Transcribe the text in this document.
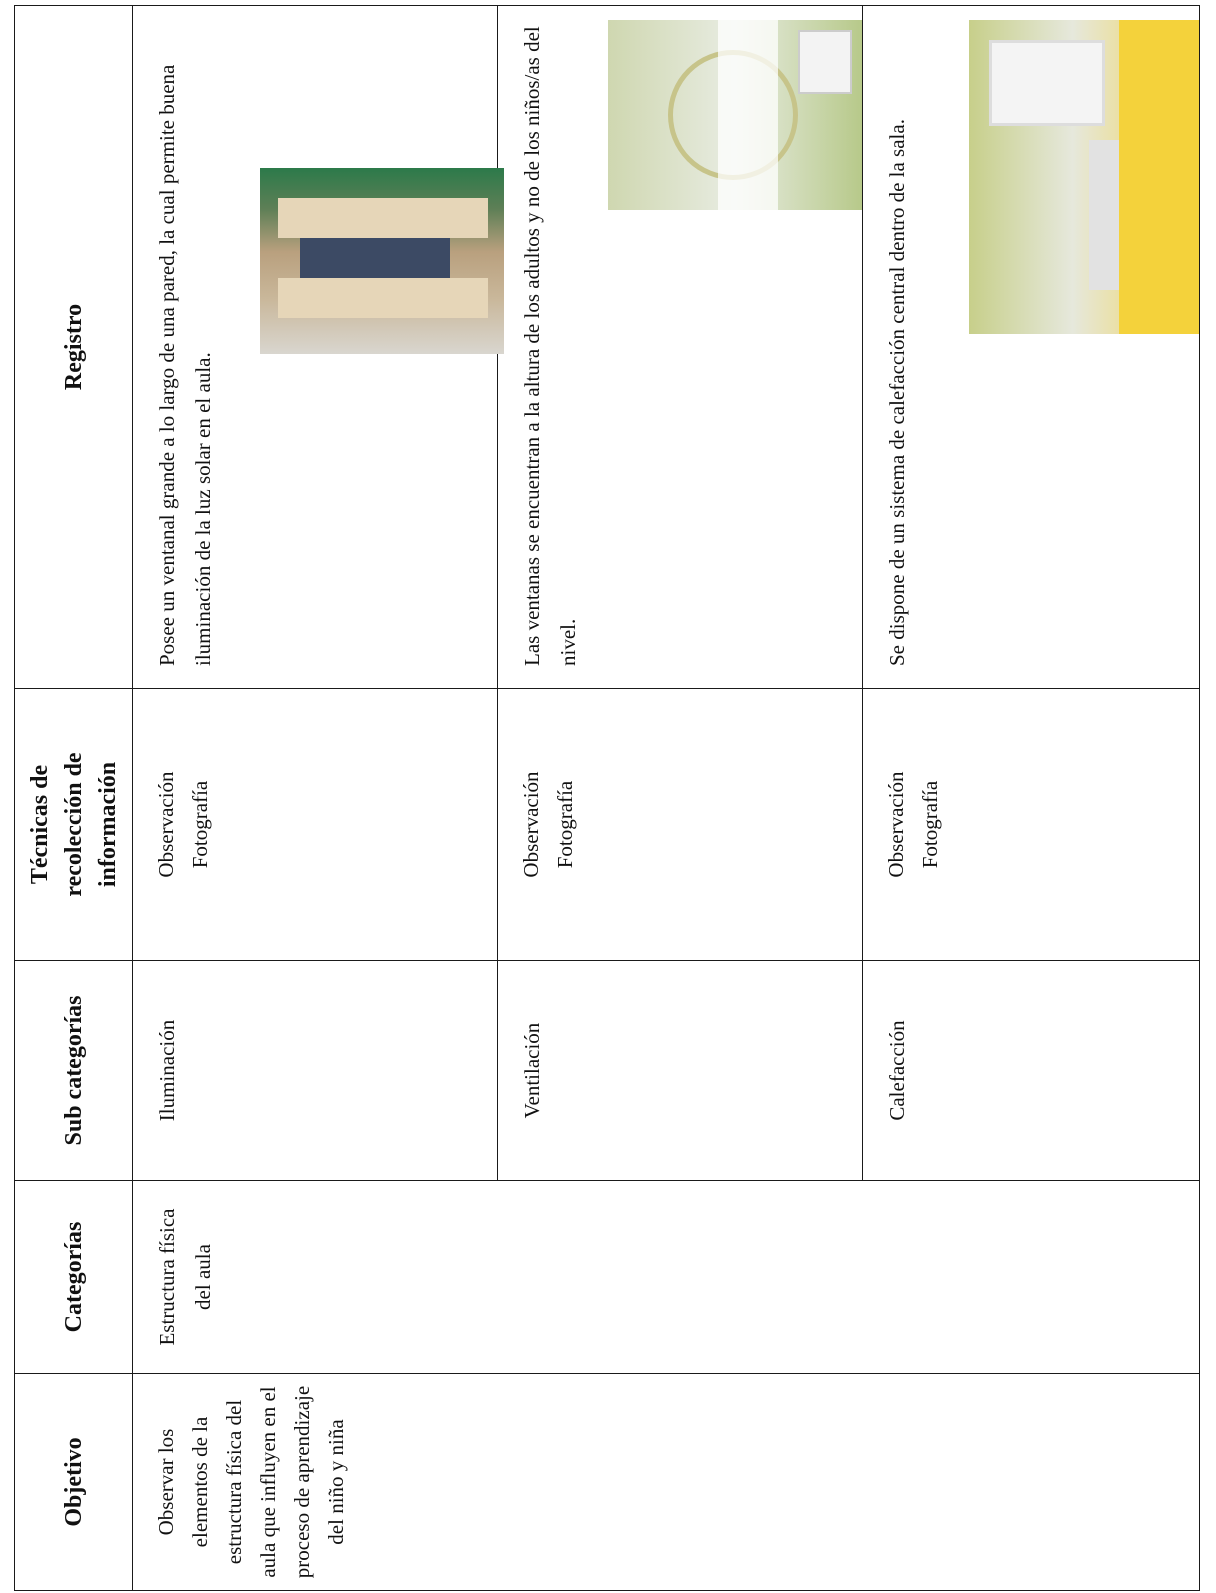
Objetivo	Categorías	Sub categorías	Técnicas de recolección de información	Registro

Observar los elementos de la estructura física del aula que influyen en el proceso de aprendizaje del niño y niña	Estructura física del aula	Iluminación	Observación Fotografía	Posee un ventanal grande a lo largo de una pared, la cual permite buena iluminación de la luz solar en el aula.

		Ventilación	Observación Fotografía	Las ventanas se encuentran a la altura de los adultos y no de los niños/as del nivel.

		Calefacción	Observación Fotografía	Se dispone de un sistema de calefacción central dentro de la sala.
